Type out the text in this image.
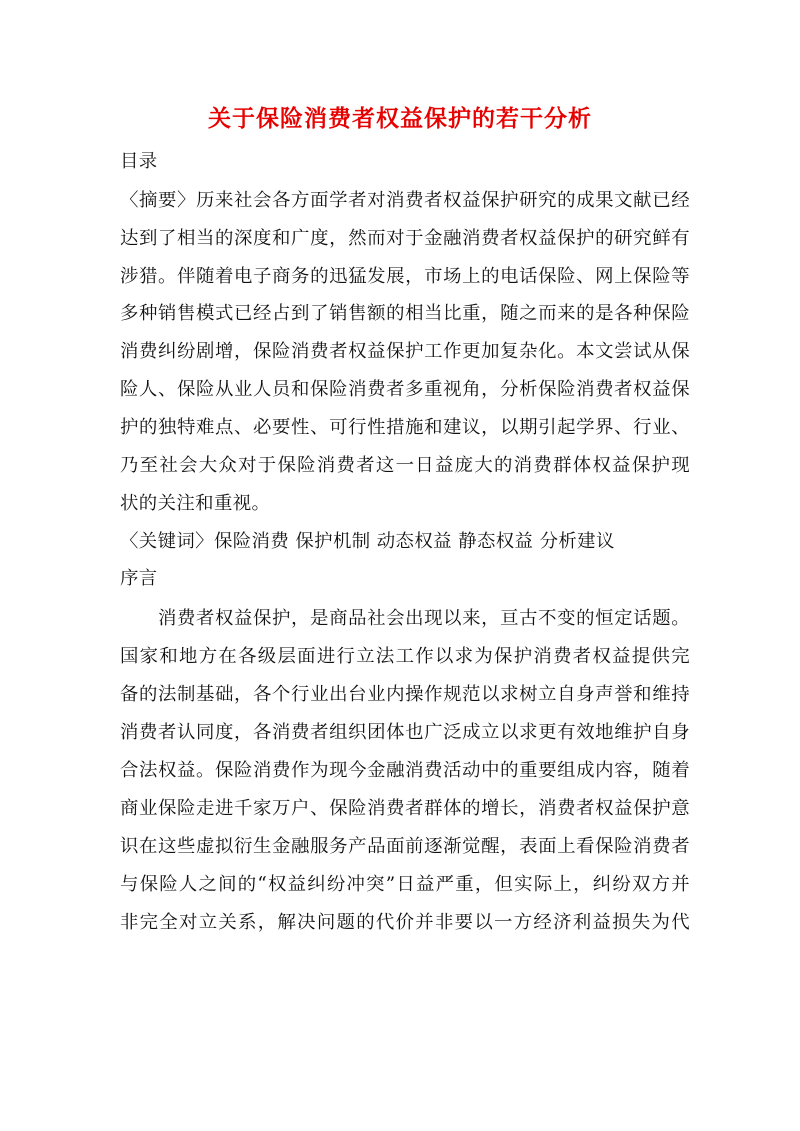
关于保险消费者权益保护的若干分析
目录
〈摘要〉历来社会各方面学者对消费者权益保护研究的成果文献已经
达到了相当的深度和广度，然而对于金融消费者权益保护的研究鲜有
涉猎。伴随着电子商务的迅猛发展，市场上的电话保险、网上保险等
多种销售模式已经占到了销售额的相当比重，随之而来的是各种保险
消费纠纷剧增，保险消费者权益保护工作更加复杂化。本文尝试从保
险人、保险从业人员和保险消费者多重视角，分析保险消费者权益保
护的独特难点、必要性、可行性措施和建议，以期引起学界、行业、
乃至社会大众对于保险消费者这一日益庞大的消费群体权益保护现
状的关注和重视。
〈关键词〉保险消费 保护机制 动态权益 静态权益 分析建议
序言
消费者权益保护，是商品社会出现以来，亘古不变的恒定话题。
国家和地方在各级层面进行立法工作以求为保护消费者权益提供完
备的法制基础，各个行业出台业内操作规范以求树立自身声誉和维持
消费者认同度，各消费者组织团体也广泛成立以求更有效地维护自身
合法权益。保险消费作为现今金融消费活动中的重要组成内容，随着
商业保险走进千家万户、保险消费者群体的增长，消费者权益保护意
识在这些虚拟衍生金融服务产品面前逐渐觉醒，表面上看保险消费者
与保险人之间的“权益纠纷冲突”日益严重，但实际上，纠纷双方并
非完全对立关系，解决问题的代价并非要以一方经济利益损失为代
